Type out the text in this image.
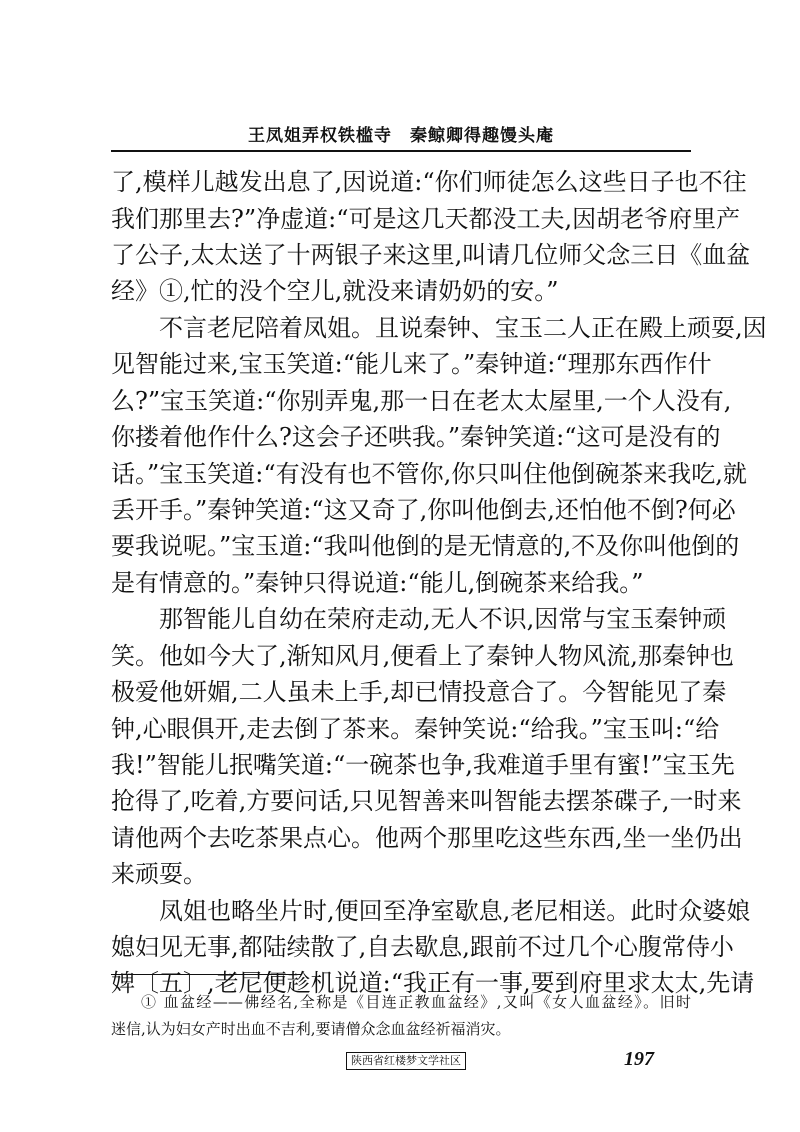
王凤姐弄权铁槛寺 秦鲸卿得趣馒头庵
了,模样儿越发出息了,因说道:“你们师徒怎么这些日子也不往
我们那里去?”净虚道:“可是这几天都没工夫,因胡老爷府里产
了公子,太太送了十两银子来这里,叫请几位师父念三日《血盆
经》①,忙的没个空儿,就没来请奶奶的安。”
不言老尼陪着凤姐。且说秦钟、宝玉二人正在殿上顽耍,因
见智能过来,宝玉笑道:“能儿来了。”秦钟道:“理那东西作什
么?”宝玉笑道:“你别弄鬼,那一日在老太太屋里,一个人没有,
你搂着他作什么?这会子还哄我。”秦钟笑道:“这可是没有的
话。”宝玉笑道:“有没有也不管你,你只叫住他倒碗茶来我吃,就
丢开手。”秦钟笑道:“这又奇了,你叫他倒去,还怕他不倒?何必
要我说呢。”宝玉道:“我叫他倒的是无情意的,不及你叫他倒的
是有情意的。”秦钟只得说道:“能儿,倒碗茶来给我。”
那智能儿自幼在荣府走动,无人不识,因常与宝玉秦钟顽
笑。他如今大了,渐知风月,便看上了秦钟人物风流,那秦钟也
极爱他妍媚,二人虽未上手,却已情投意合了。今智能见了秦
钟,心眼俱开,走去倒了茶来。秦钟笑说:“给我。”宝玉叫:“给
我!”智能儿抿嘴笑道:“一碗茶也争,我难道手里有蜜!”宝玉先
抢得了,吃着,方要问话,只见智善来叫智能去摆茶碟子,一时来
请他两个去吃茶果点心。他两个那里吃这些东西,坐一坐仍出
来顽耍。
凤姐也略坐片时,便回至净室歇息,老尼相送。此时众婆娘
媳妇见无事,都陆续散了,自去歇息,跟前不过几个心腹常侍小
婢〔五〕,老尼便趁机说道:“我正有一事,要到府里求太太,先请
① 血盆经——佛经名,全称是《目连正教血盆经》,又叫《女人血盆经》。旧时
迷信,认为妇女产时出血不吉利,要请僧众念血盆经祈福消灾。
陕西省红楼梦文学社区	197
